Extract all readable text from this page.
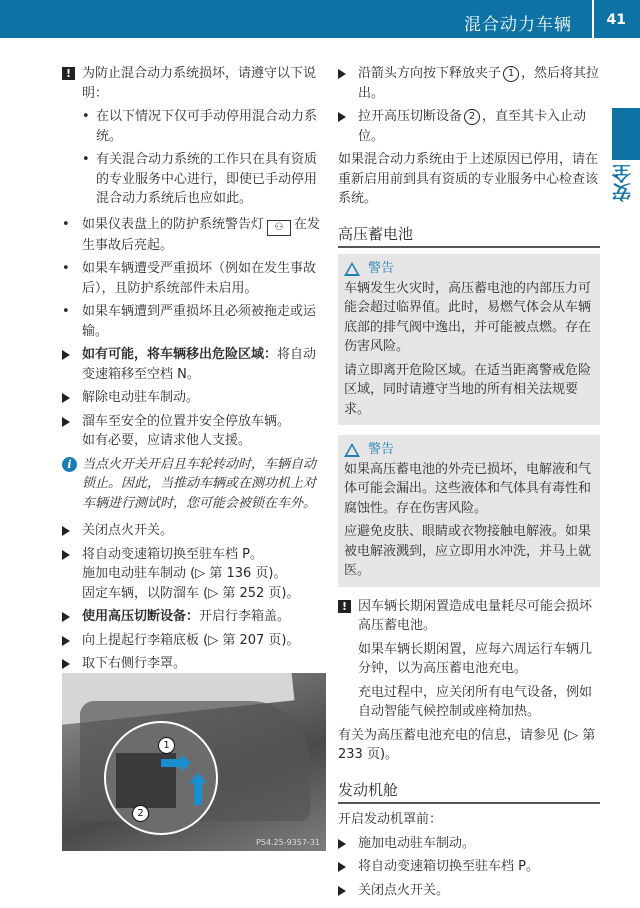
混合动力车辆 41
安全
! 为防止混合动力系统损坏，请遵守以下说明：
• 在以下情况下仅可手动停用混合动力系统。
• 有关混合动力系统的工作只在具有资质的专业服务中心进行，即使已手动停用混合动力系统后也应如此。
• 如果仪表盘上的防护系统警告灯 ⚇ 在发生事故后亮起。
• 如果车辆遭受严重损坏（例如在发生事故后），且防护系统部件未启用。
• 如果车辆遭到严重损坏且必须被拖走或运输。
如有可能，将车辆移出危险区域：将自动变速箱移至空档 N。
解除电动驻车制动。
溜车至安全的位置并安全停放车辆。
如有必要，应请求他人支援。
i 当点火开关开启且车轮转动时，车辆自动锁止。因此，当推动车辆或在测功机上对车辆进行测试时，您可能会被锁在车外。
关闭点火开关。
将自动变速箱切换至驻车档 P。
施加电动驻车制动 (▷ 第 136 页)。
固定车辆，以防溜车 (▷ 第 252 页)。
使用高压切断设备：开启行李箱盖。
向上提起行李箱底板 (▷ 第 207 页)。
取下右侧行李罩。
1
2
P54.25-9357-31
沿箭头方向按下释放夹子 1 ，然后将其拉出。
拉开高压切断设备 2 ，直至其卡入止动位。
如果混合动力系统由于上述原因已停用，请在重新启用前到具有资质的专业服务中心检查该系统。
高压蓄电池
警告
车辆发生火灾时，高压蓄电池的内部压力可能会超过临界值。此时，易燃气体会从车辆底部的排气阀中逸出，并可能被点燃。存在伤害风险。
请立即离开危险区域。在适当距离警戒危险区域，同时请遵守当地的所有相关法规要求。
警告
如果高压蓄电池的外壳已损坏，电解液和气体可能会漏出。这些液体和气体具有毒性和腐蚀性。存在伤害风险。
应避免皮肤、眼睛或衣物接触电解液。如果被电解液溅到，应立即用水冲洗，并马上就医。
! 因车辆长期闲置造成电量耗尽可能会损坏高压蓄电池。
如果车辆长期闲置，应每六周运行车辆几分钟，以为高压蓄电池充电。
充电过程中，应关闭所有电气设备，例如自动智能气候控制或座椅加热。
有关为高压蓄电池充电的信息，请参见 (▷ 第 233 页)。
发动机舱
开启发动机罩前：
施加电动驻车制动。
将自动变速箱切换至驻车档 P。
关闭点火开关。
